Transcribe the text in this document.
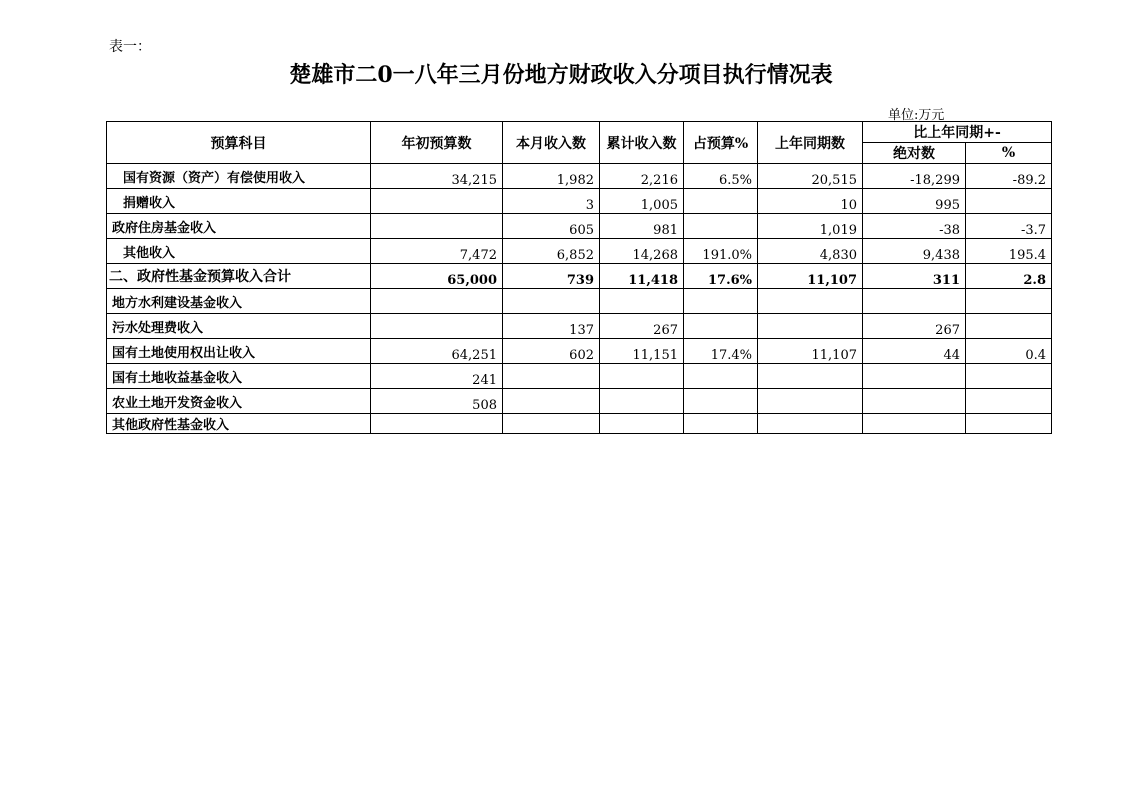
表一：
楚雄市二0一八年三月份地方财政收入分项目执行情况表
单位:万元
预算科目	年初预算数	本月收入数	累计收入数	占预算%	上年同期数	比上年同期+-	
						绝对数	%
国有资源（资产）有偿使用收入	34,215	1,982	2,216	6.5%	20,515	-18,299	-89.2
捐赠收入		3	1,005		10	995	
政府住房基金收入		605	981		1,019	-38	-3.7
其他收入	7,472	6,852	14,268	191.0%	4,830	9,438	195.4
二、政府性基金预算收入合计	65,000	739	11,418	17.6%	11,107	311	2.8
地方水利建设基金收入							
污水处理费收入		137	267			267	
国有土地使用权出让收入	64,251	602	11,151	17.4%	11,107	44	0.4
国有土地收益基金收入	241						
农业土地开发资金收入	508						
其他政府性基金收入							
